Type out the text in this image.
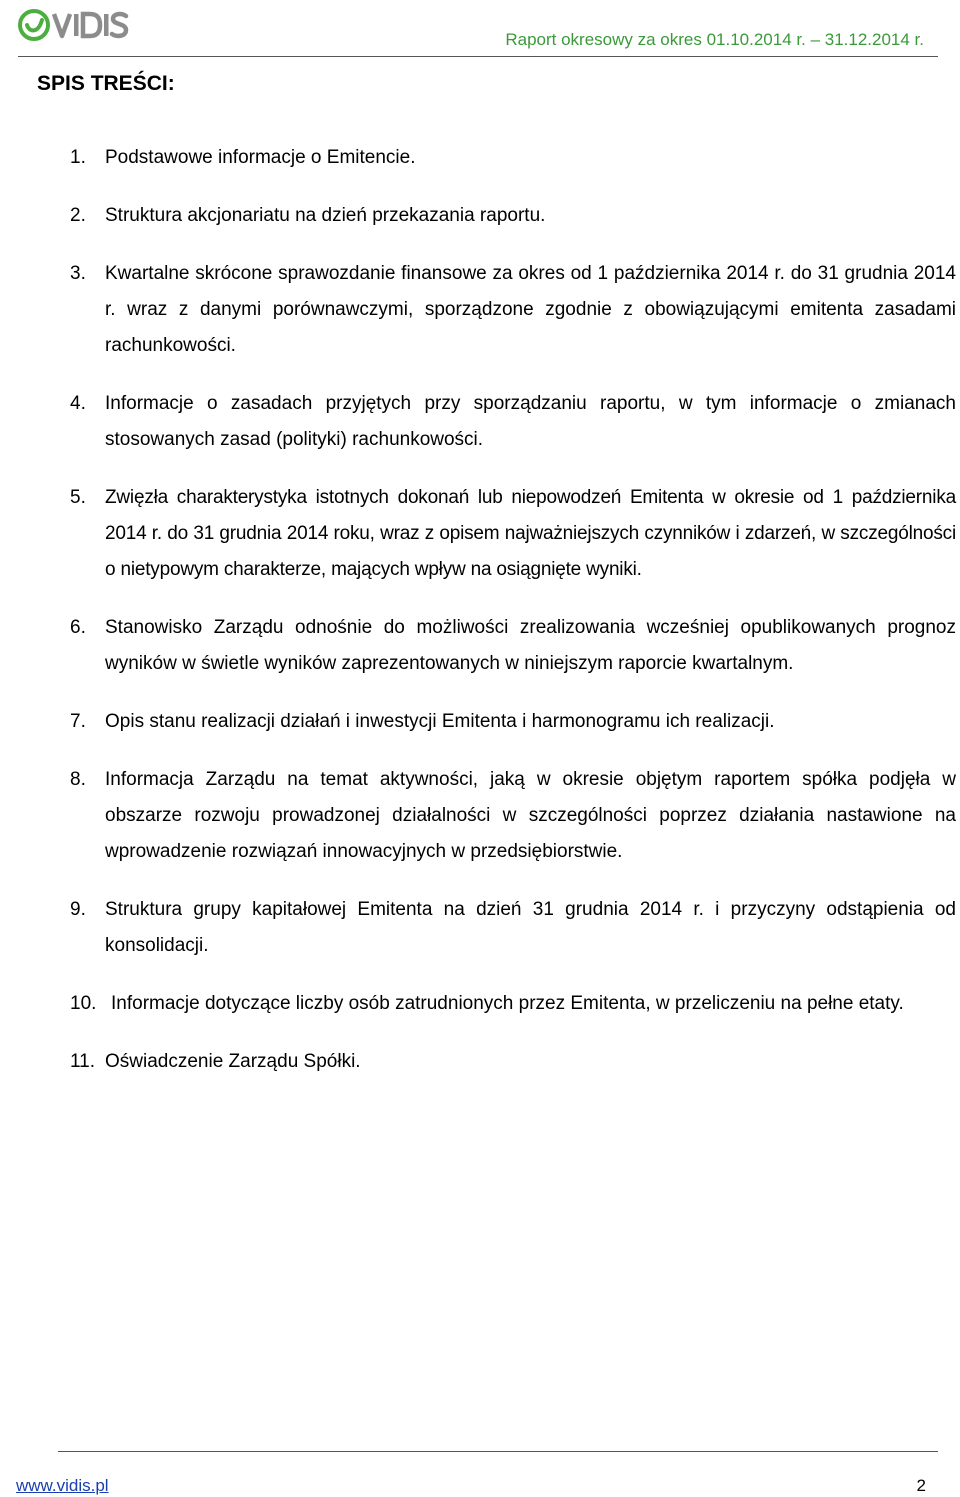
Raport okresowy za okres 01.10.2014 r. – 31.12.2014 r.
SPIS TREŚCI:
1.	Podstawowe informacje o Emitencie.
2.	Struktura akcjonariatu na dzień przekazania raportu.
3.	Kwartalne skrócone sprawozdanie finansowe za okres od 1 października 2014 r. do 31 grudnia 2014 r. wraz z danymi porównawczymi, sporządzone zgodnie z obowiązującymi emitenta zasadami rachunkowości.
4.	Informacje o zasadach przyjętych przy sporządzaniu raportu, w tym informacje o zmianach stosowanych zasad (polityki) rachunkowości.
5.	Zwięzła charakterystyka istotnych dokonań lub niepowodzeń Emitenta w okresie od 1 października 2014 r. do 31 grudnia 2014 roku, wraz z opisem najważniejszych czynników i zdarzeń, w szczególności o nietypowym charakterze, mających wpływ na osiągnięte wyniki.
6.	Stanowisko Zarządu odnośnie do możliwości zrealizowania wcześniej opublikowanych prognoz wyników w świetle wyników zaprezentowanych w niniejszym raporcie kwartalnym.
7.	Opis stanu realizacji działań i inwestycji Emitenta i harmonogramu ich realizacji.
8.	Informacja Zarządu na temat aktywności, jaką w okresie objętym raportem spółka podjęła w obszarze rozwoju prowadzonej działalności w szczególności poprzez działania nastawione na wprowadzenie rozwiązań innowacyjnych w przedsiębiorstwie.
9.	Struktura grupy kapitałowej Emitenta na dzień 31 grudnia 2014 r. i przyczyny odstąpienia od konsolidacji.
10. Informacje dotyczące liczby osób zatrudnionych przez Emitenta, w przeliczeniu na pełne etaty.
11. Oświadczenie Zarządu Spółki.
www.vidis.pl	2
